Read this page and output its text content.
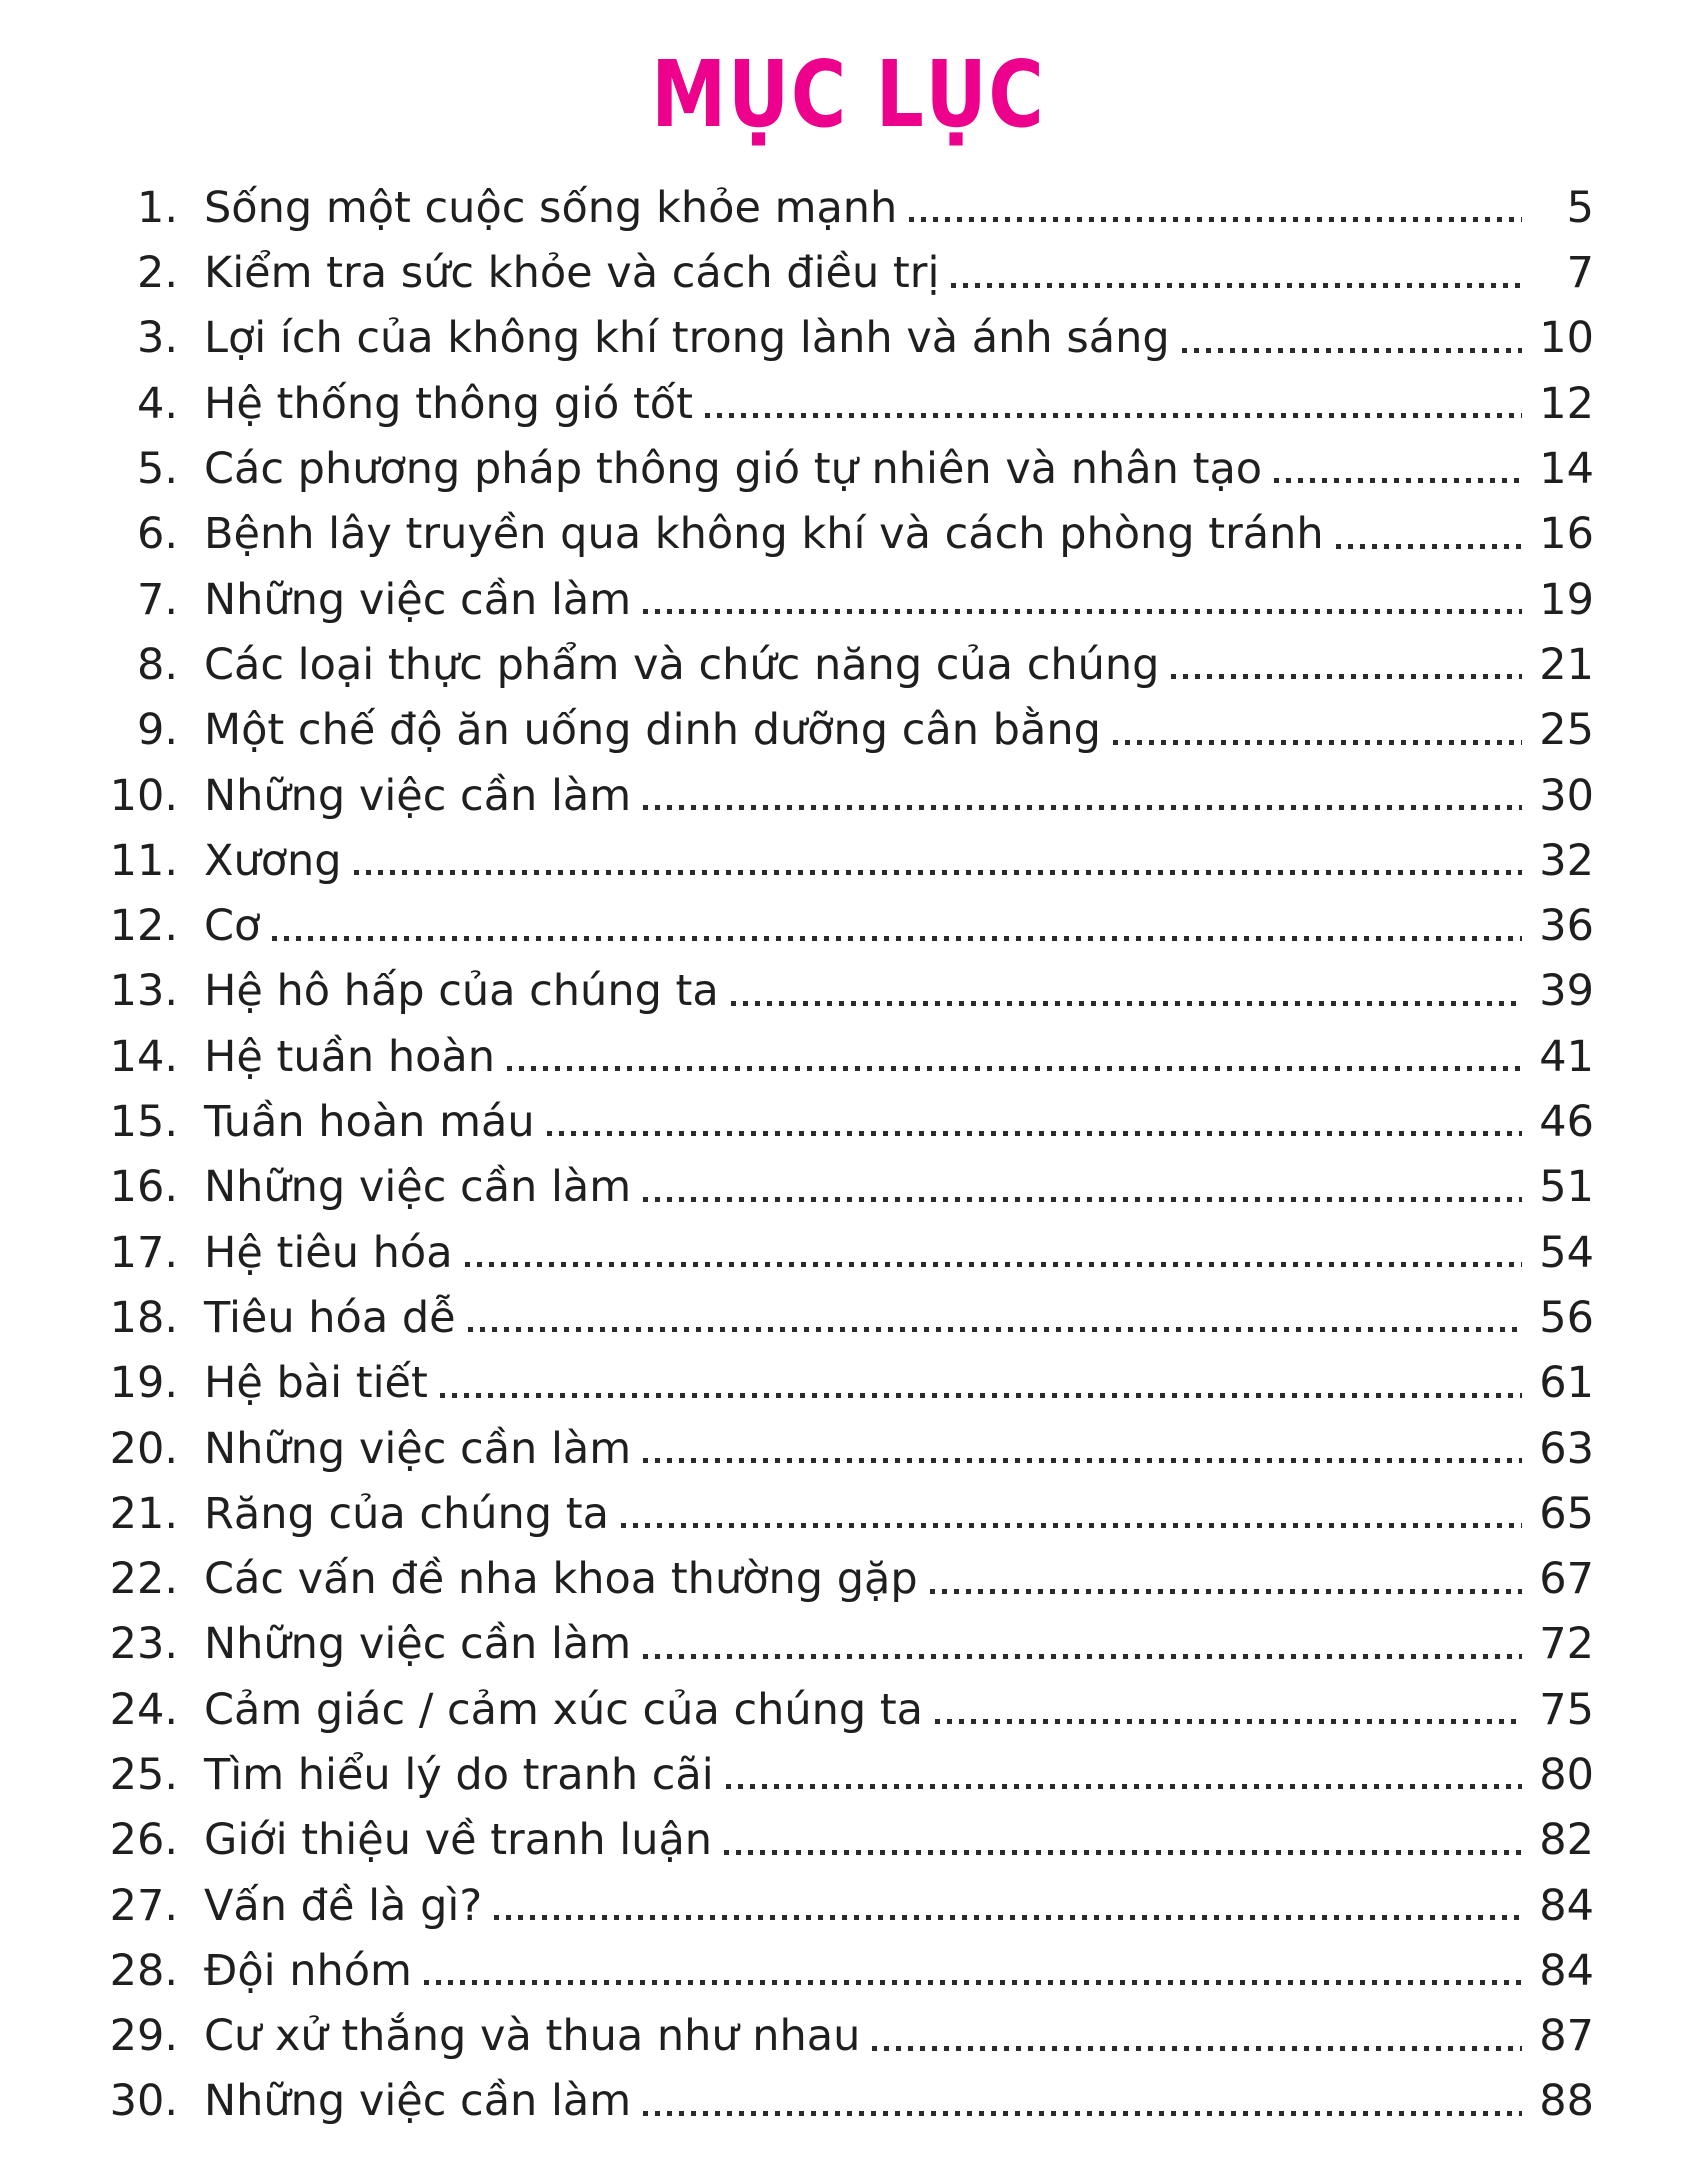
MỤC LỤC
1. Sống một cuộc sống khỏe mạnh	5
2. Kiểm tra sức khỏe và cách điều trị	7
3. Lợi ích của không khí trong lành và ánh sáng	10
4. Hệ thống thông gió tốt	12
5. Các phương pháp thông gió tự nhiên và nhân tạo	14
6. Bệnh lây truyền qua không khí và cách phòng tránh	16
7. Những việc cần làm	19
8. Các loại thực phẩm và chức năng của chúng	21
9. Một chế độ ăn uống dinh dưỡng cân bằng	25
10. Những việc cần làm	30
11. Xương	32
12. Cơ	36
13. Hệ hô hấp của chúng ta	39
14. Hệ tuần hoàn	41
15. Tuần hoàn máu	46
16. Những việc cần làm	51
17. Hệ tiêu hóa	54
18. Tiêu hóa dễ	56
19. Hệ bài tiết	61
20. Những việc cần làm	63
21. Răng của chúng ta	65
22. Các vấn đề nha khoa thường gặp	67
23. Những việc cần làm	72
24. Cảm giác / cảm xúc của chúng ta	75
25. Tìm hiểu lý do tranh cãi	80
26. Giới thiệu về tranh luận	82
27. Vấn đề là gì?	84
28. Đội nhóm	84
29. Cư xử thắng và thua như nhau	87
30. Những việc cần làm	88
